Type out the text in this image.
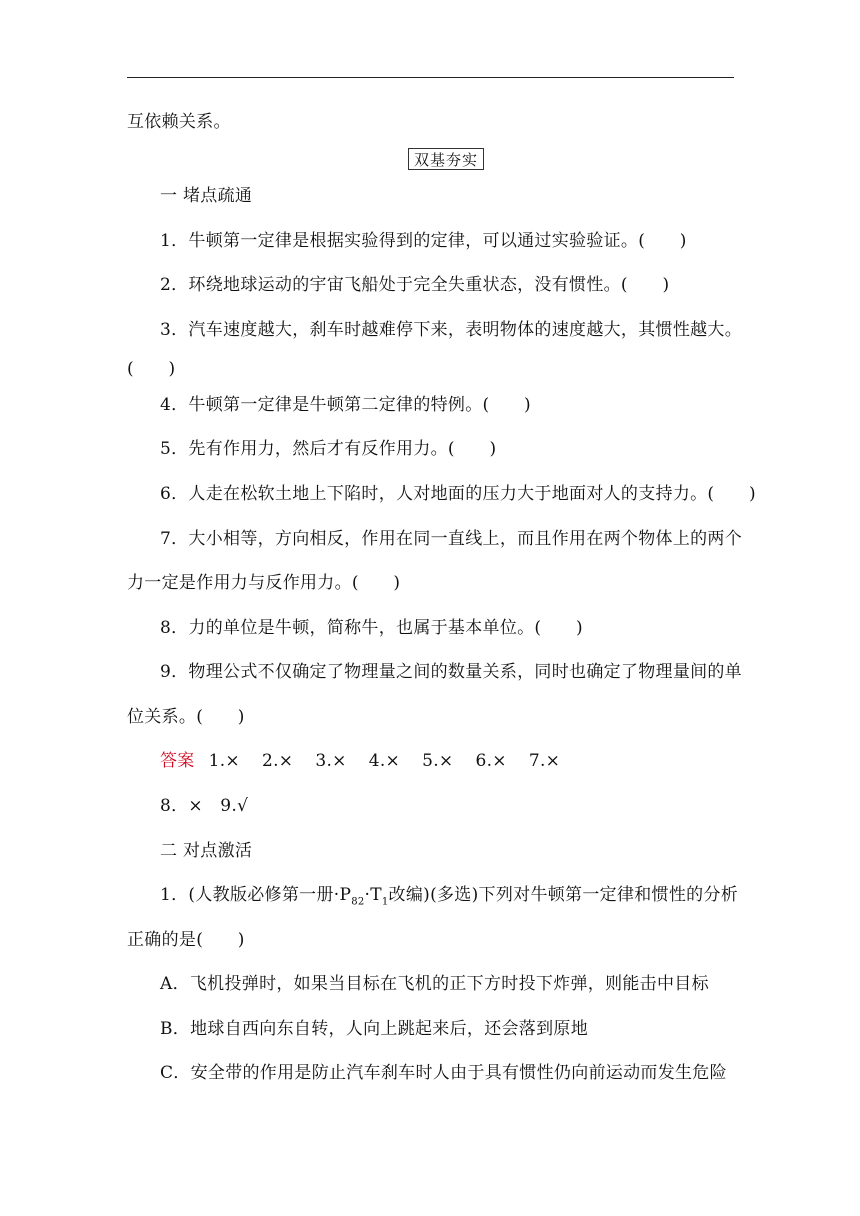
互依赖关系。
双基夯实
一 堵点疏通
1．牛顿第一定律是根据实验得到的定律，可以通过实验验证。(　　)
2．环绕地球运动的宇宙飞船处于完全失重状态，没有惯性。(　　)
3．汽车速度越大，刹车时越难停下来，表明物体的速度越大，其惯性越大。
(　　)
4．牛顿第一定律是牛顿第二定律的特例。(　　)
5．先有作用力，然后才有反作用力。(　　)
6．人走在松软土地上下陷时，人对地面的压力大于地面对人的支持力。(　　)
7．大小相等，方向相反，作用在同一直线上，而且作用在两个物体上的两个
力一定是作用力与反作用力。(　　)
8．力的单位是牛顿，简称牛，也属于基本单位。(　　)
9．物理公式不仅确定了物理量之间的数量关系，同时也确定了物理量间的单
位关系。(　　)
答案 1.× 2.× 3.× 4.× 5.× 6.× 7.×
8．×　9.√
二 对点激活
1．(人教版必修第一册$\cdot P_{82}\cdot T_1$改编)(多选)下列对牛顿第一定律和惯性的分析
正确的是(　　)
A．飞机投弹时，如果当目标在飞机的正下方时投下炸弹，则能击中目标
B．地球自西向东自转，人向上跳起来后，还会落到原地
C．安全带的作用是防止汽车刹车时人由于具有惯性仍向前运动而发生危险
